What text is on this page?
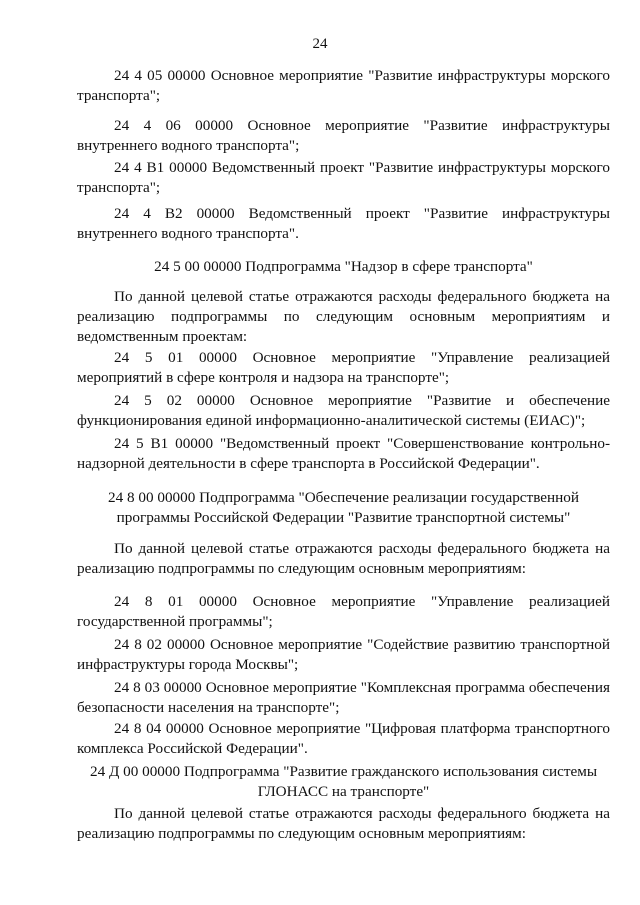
24

24 4 05 00000 Основное мероприятие "Развитие инфраструктуры морского транспорта";

24 4 06 00000 Основное мероприятие "Развитие инфраструктуры внутреннего водного транспорта";

24 4 В1 00000 Ведомственный проект "Развитие инфраструктуры морского транспорта";

24 4 В2 00000 Ведомственный проект "Развитие инфраструктуры внутреннего водного транспорта".

24 5 00 00000 Подпрограмма "Надзор в сфере транспорта"

По данной целевой статье отражаются расходы федерального бюджета на реализацию подпрограммы по следующим основным мероприятиям и ведомственным проектам:

24 5 01 00000 Основное мероприятие "Управление реализацией мероприятий в сфере контроля и надзора на транспорте";

24 5 02 00000 Основное мероприятие "Развитие и обеспечение функционирования единой информационно-аналитической системы (ЕИАС)";

24 5 В1 00000 "Ведомственный проект "Совершенствование контрольно-надзорной деятельности в сфере транспорта в Российской Федерации".

24 8 00 00000 Подпрограмма "Обеспечение реализации государственной программы Российской Федерации "Развитие транспортной системы"

По данной целевой статье отражаются расходы федерального бюджета на реализацию подпрограммы по следующим основным мероприятиям:

24 8 01 00000 Основное мероприятие "Управление реализацией государственной программы";

24 8 02 00000 Основное мероприятие "Содействие развитию транспортной инфраструктуры города Москвы";

24 8 03 00000 Основное мероприятие "Комплексная программа обеспечения безопасности населения на транспорте";

24 8 04 00000 Основное мероприятие "Цифровая платформа транспортного комплекса Российской Федерации".

24 Д 00 00000 Подпрограмма "Развитие гражданского использования системы ГЛОНАСС на транспорте"

По данной целевой статье отражаются расходы федерального бюджета на реализацию подпрограммы по следующим основным мероприятиям:
